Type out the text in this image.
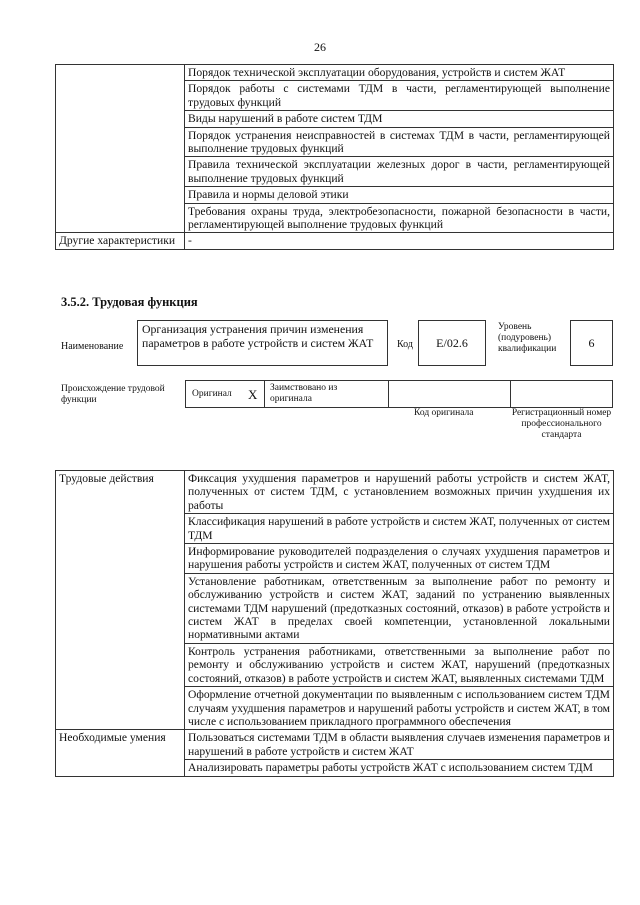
26
	Порядок технической эксплуатации оборудования, устройств и систем ЖАТ
	Порядок работы с системами ТДМ в части, регламентирующей выполнение трудовых функций
	Виды нарушений в работе систем ТДМ
	Порядок устранения неисправностей в системах ТДМ в части, регламентирующей выполнение трудовых функций
	Правила технической эксплуатации железных дорог в части, регламентирующей выполнение трудовых функций
	Правила и нормы деловой этики
	Требования охраны труда, электробезопасности, пожарной безопасности в части, регламентирующей выполнение трудовых функций
Другие характеристики	-
3.5.2. Трудовая функция
Наименование
Организация устранения причин изменения параметров в работе устройств и систем ЖАТ	Код E/02.6
Уровень (подуровень) квалификации	6
Происхождение трудовой функции
Оригинал X Заимствовано из оригинала
Код оригинала	Регистрационный номер профессионального стандарта
Трудовые действия	Фиксация ухудшения параметров и нарушений работы устройств и систем ЖАТ, полученных от систем ТДМ, с установлением возможных причин ухудшения их работы
	Классификация нарушений в работе устройств и систем ЖАТ, полученных от систем ТДМ
	Информирование руководителей подразделения о случаях ухудшения параметров и нарушения работы устройств и систем ЖАТ, полученных от систем ТДМ
	Установление работникам, ответственным за выполнение работ по ремонту и обслуживанию устройств и систем ЖАТ, заданий по устранению выявленных системами ТДМ нарушений (предотказных состояний, отказов) в работе устройств и систем ЖАТ в пределах своей компетенции, установленной локальными нормативными актами
	Контроль устранения работниками, ответственными за выполнение работ по ремонту и обслуживанию устройств и систем ЖАТ, нарушений (предотказных состояний, отказов) в работе устройств и систем ЖАТ, выявленных системами ТДМ
	Оформление отчетной документации по выявленным с использованием систем ТДМ случаям ухудшения параметров и нарушений работы устройств и систем ЖАТ, в том числе с использованием прикладного программного обеспечения
Необходимые умения	Пользоваться системами ТДМ в области выявления случаев изменения параметров и нарушений в работе устройств и систем ЖАТ
	Анализировать параметры работы устройств ЖАТ с использованием систем ТДМ
